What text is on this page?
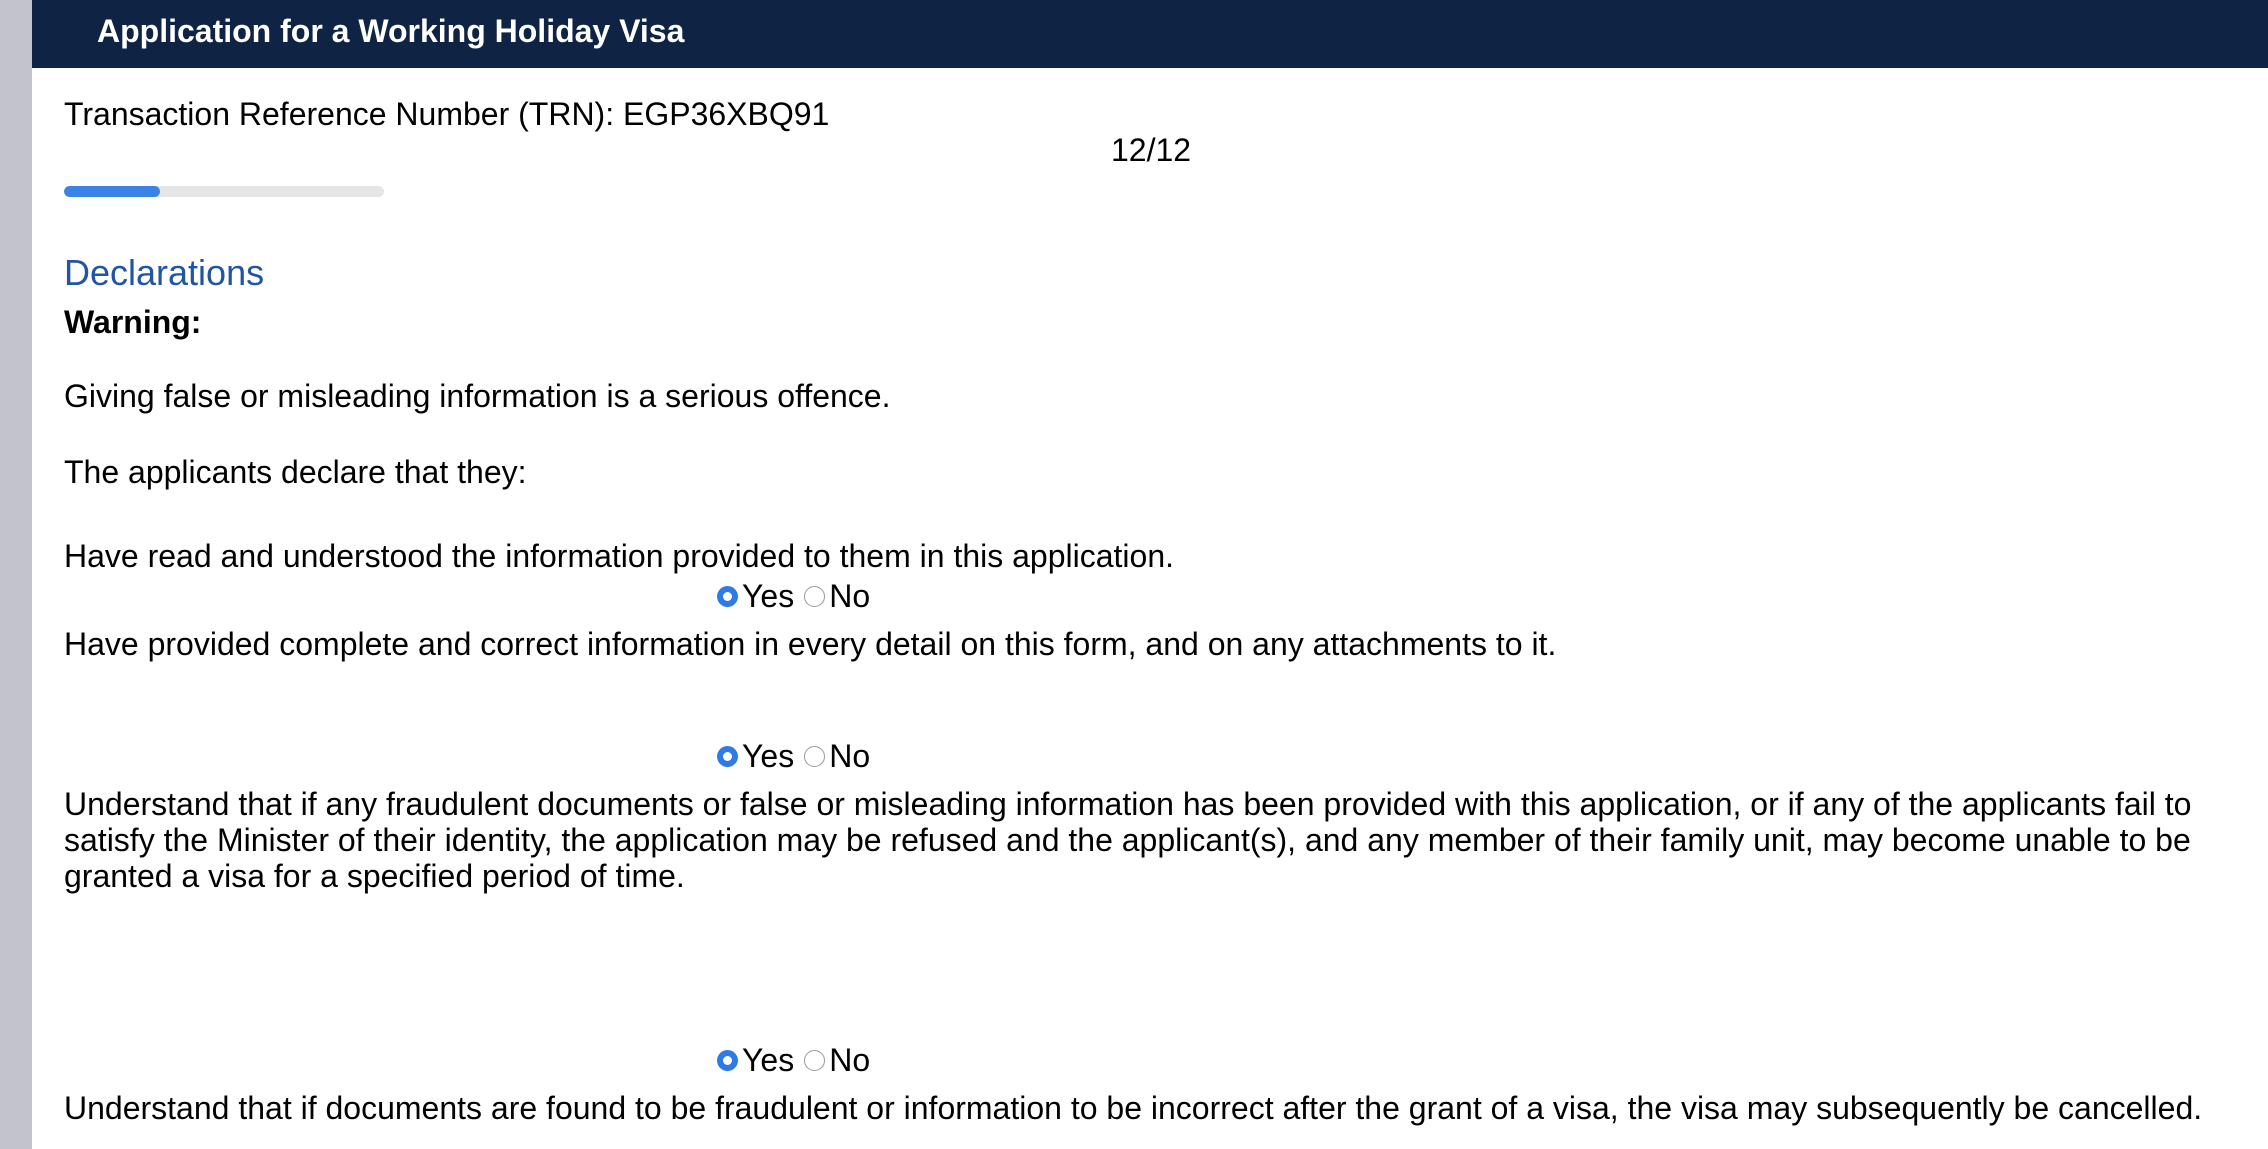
Application for a Working Holiday Visa
Transaction Reference Number (TRN): EGP36XBQ91
12/12
Declarations
Warning:
Giving false or misleading information is a serious offence.
The applicants declare that they:
Have read and understood the information provided to them in this application.
Yes No
Have provided complete and correct information in every detail on this form, and on any attachments to it.
Yes No
Understand that if any fraudulent documents or false or misleading information has been provided with this application, or if any of the applicants fail to satisfy the Minister of their identity, the application may be refused and the applicant(s), and any member of their family unit, may become unable to be granted a visa for a specified period of time.
Yes No
Understand that if documents are found to be fraudulent or information to be incorrect after the grant of a visa, the visa may subsequently be cancelled.
